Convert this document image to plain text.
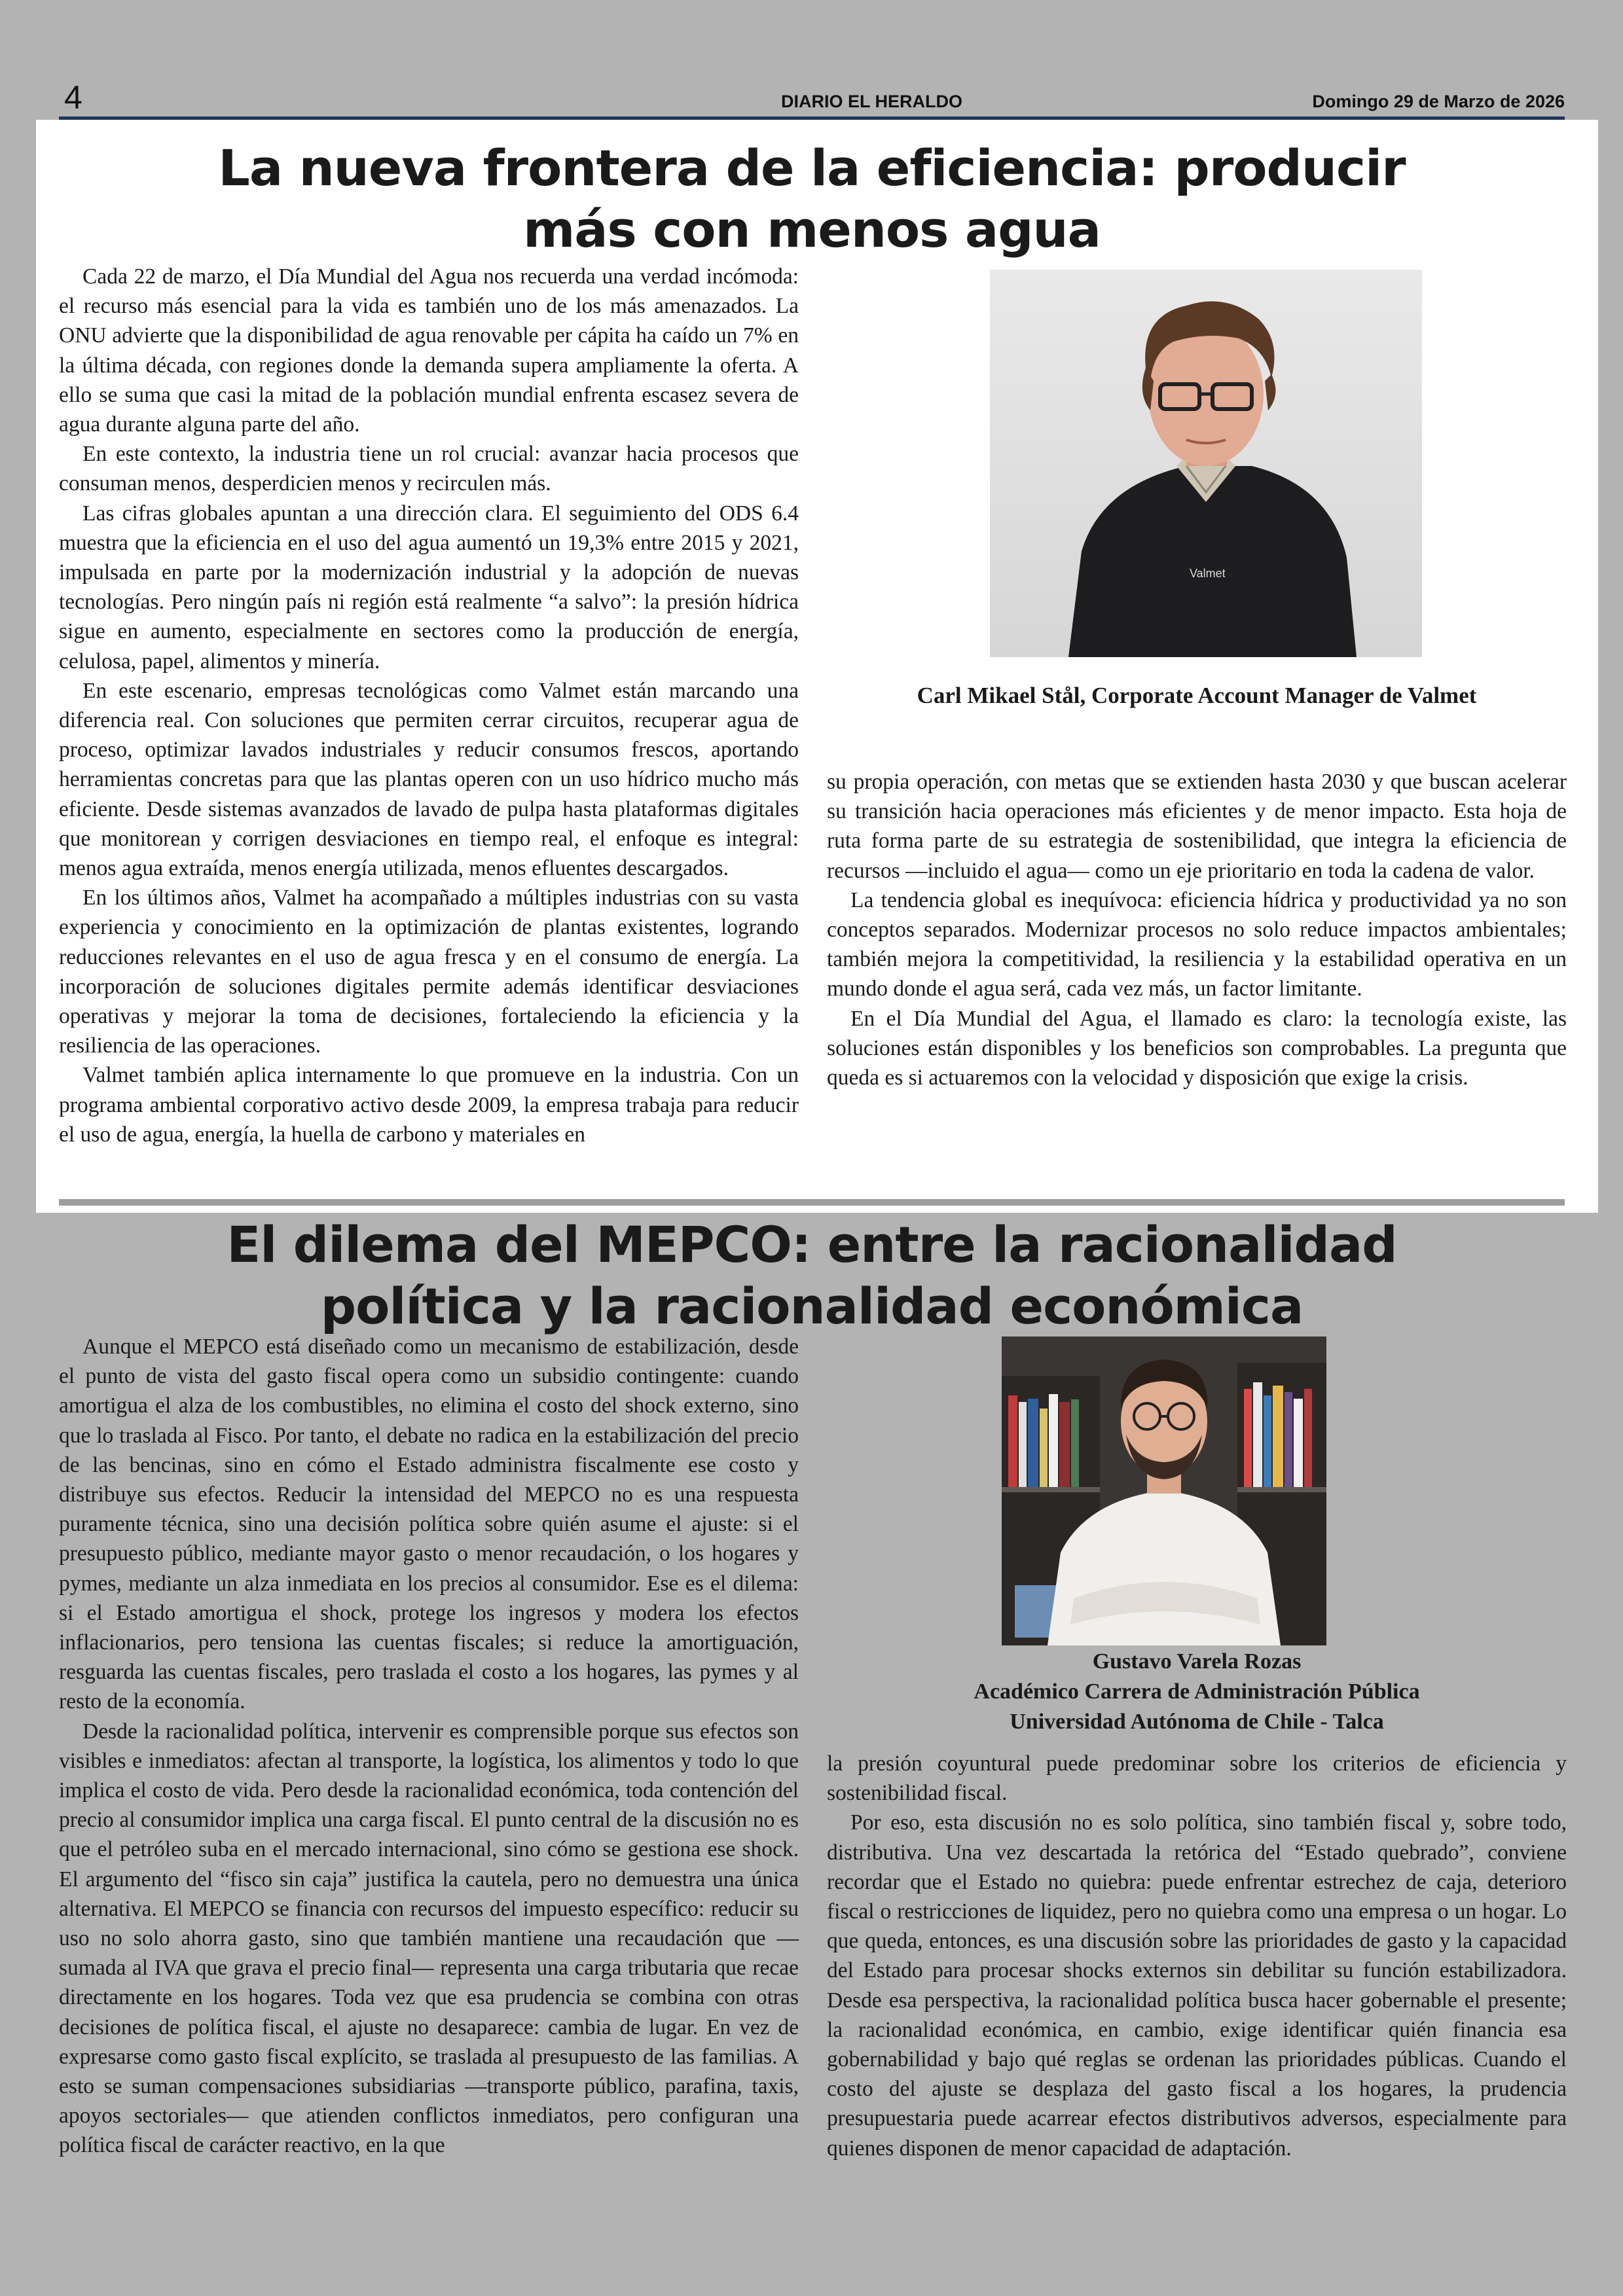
4	DIARIO EL HERALDO	Domingo 29 de Marzo de 2026
La nueva frontera de la eficiencia: producir
más con menos agua

Cada 22 de marzo, el Día Mundial del Agua nos recuerda una verdad incómoda: el recurso más esencial para la vida es también uno de los más amenazados. La ONU advierte que la disponibilidad de agua renovable per cápita ha caído un 7% en la última década, con regiones donde la demanda supera ampliamente la oferta. A ello se suma que casi la mitad de la población mundial enfrenta escasez severa de agua durante alguna parte del año.

En este contexto, la industria tiene un rol crucial: avanzar hacia procesos que consuman menos, desperdicien menos y recirculen más.

Las cifras globales apuntan a una dirección clara. El seguimiento del ODS 6.4 muestra que la eficiencia en el uso del agua aumentó un 19,3% entre 2015 y 2021, impulsada en parte por la modernización industrial y la adopción de nuevas tecnologías. Pero ningún país ni región está realmente “a salvo”: la presión hídrica sigue en aumento, especialmente en sectores como la producción de energía, celulosa, papel, alimentos y minería.

En este escenario, empresas tecnológicas como Valmet están marcando una diferencia real. Con soluciones que permiten cerrar circuitos, recuperar agua de proceso, optimizar lavados industriales y reducir consumos frescos, aportando herramientas concretas para que las plantas operen con un uso hídrico mucho más eficiente. Desde sistemas avanzados de lavado de pulpa hasta plataformas digitales que monitorean y corrigen desviaciones en tiempo real, el enfoque es integral: menos agua extraída, menos energía utilizada, menos efluentes descargados.

En los últimos años, Valmet ha acompañado a múltiples industrias con su vasta experiencia y conocimiento en la optimización de plantas existentes, logrando reducciones relevantes en el uso de agua fresca y en el consumo de energía. La incorporación de soluciones digitales permite además identificar desviaciones operativas y mejorar la toma de decisiones, fortaleciendo la eficiencia y la resiliencia de las operaciones.

Valmet también aplica internamente lo que promueve en la industria. Con un programa ambiental corporativo activo desde 2009, la empresa trabaja para reducir el uso de agua, energía, la huella de carbono y materiales en

Valmet
Carl Mikael Stål, Corporate Account Manager de Valmet

su propia operación, con metas que se extienden hasta 2030 y que buscan acelerar su transición hacia operaciones más eficientes y de menor impacto. Esta hoja de ruta forma parte de su estrategia de sostenibilidad, que integra la eficiencia de recursos —incluido el agua— como un eje prioritario en toda la cadena de valor.

La tendencia global es inequívoca: eficiencia hídrica y productividad ya no son conceptos separados. Modernizar procesos no solo reduce impactos ambientales; también mejora la competitividad, la resiliencia y la estabilidad operativa en un mundo donde el agua será, cada vez más, un factor limitante.

En el Día Mundial del Agua, el llamado es claro: la tecnología existe, las soluciones están disponibles y los beneficios son comprobables. La pregunta que queda es si actuaremos con la velocidad y disposición que exige la crisis.

El dilema del MEPCO: entre la racionalidad
política y la racionalidad económica

Aunque el MEPCO está diseñado como un mecanismo de estabilización, desde el punto de vista del gasto fiscal opera como un subsidio contingente: cuando amortigua el alza de los combustibles, no elimina el costo del shock externo, sino que lo traslada al Fisco. Por tanto, el debate no radica en la estabilización del precio de las bencinas, sino en cómo el Estado administra fiscalmente ese costo y distribuye sus efectos. Reducir la intensidad del MEPCO no es una respuesta puramente técnica, sino una decisión política sobre quién asume el ajuste: si el presupuesto público, mediante mayor gasto o menor recaudación, o los hogares y pymes, mediante un alza inmediata en los precios al consumidor. Ese es el dilema: si el Estado amortigua el shock, protege los ingresos y modera los efectos inflacionarios, pero tensiona las cuentas fiscales; si reduce la amortiguación, resguarda las cuentas fiscales, pero traslada el costo a los hogares, las pymes y al resto de la economía.

Desde la racionalidad política, intervenir es comprensible porque sus efectos son visibles e inmediatos: afectan al transporte, la logística, los alimentos y todo lo que implica el costo de vida. Pero desde la racionalidad económica, toda contención del precio al consumidor implica una carga fiscal. El punto central de la discusión no es que el petróleo suba en el mercado internacional, sino cómo se gestiona ese shock. El argumento del “fisco sin caja” justifica la cautela, pero no demuestra una única alternativa. El MEPCO se financia con recursos del impuesto específico: reducir su uso no solo ahorra gasto, sino que también mantiene una recaudación que —sumada al IVA que grava el precio final— representa una carga tributaria que recae directamente en los hogares. Toda vez que esa prudencia se combina con otras decisiones de política fiscal, el ajuste no desaparece: cambia de lugar. En vez de expresarse como gasto fiscal explícito, se traslada al presupuesto de las familias. A esto se suman compensaciones subsidiarias —transporte público, parafina, taxis, apoyos sectoriales— que atienden conflictos inmediatos, pero configuran una política fiscal de carácter reactivo, en la que

Gustavo Varela Rozas
Académico Carrera de Administración Pública
Universidad Autónoma de Chile - Talca

la presión coyuntural puede predominar sobre los criterios de eficiencia y sostenibilidad fiscal.

Por eso, esta discusión no es solo política, sino también fiscal y, sobre todo, distributiva. Una vez descartada la retórica del “Estado quebrado”, conviene recordar que el Estado no quiebra: puede enfrentar estrechez de caja, deterioro fiscal o restricciones de liquidez, pero no quiebra como una empresa o un hogar. Lo que queda, entonces, es una discusión sobre las prioridades de gasto y la capacidad del Estado para procesar shocks externos sin debilitar su función estabilizadora. Desde esa perspectiva, la racionalidad política busca hacer gobernable el presente; la racionalidad económica, en cambio, exige identificar quién financia esa gobernabilidad y bajo qué reglas se ordenan las prioridades públicas. Cuando el costo del ajuste se desplaza del gasto fiscal a los hogares, la prudencia presupuestaria puede acarrear efectos distributivos adversos, especialmente para quienes disponen de menor capacidad de adaptación.
